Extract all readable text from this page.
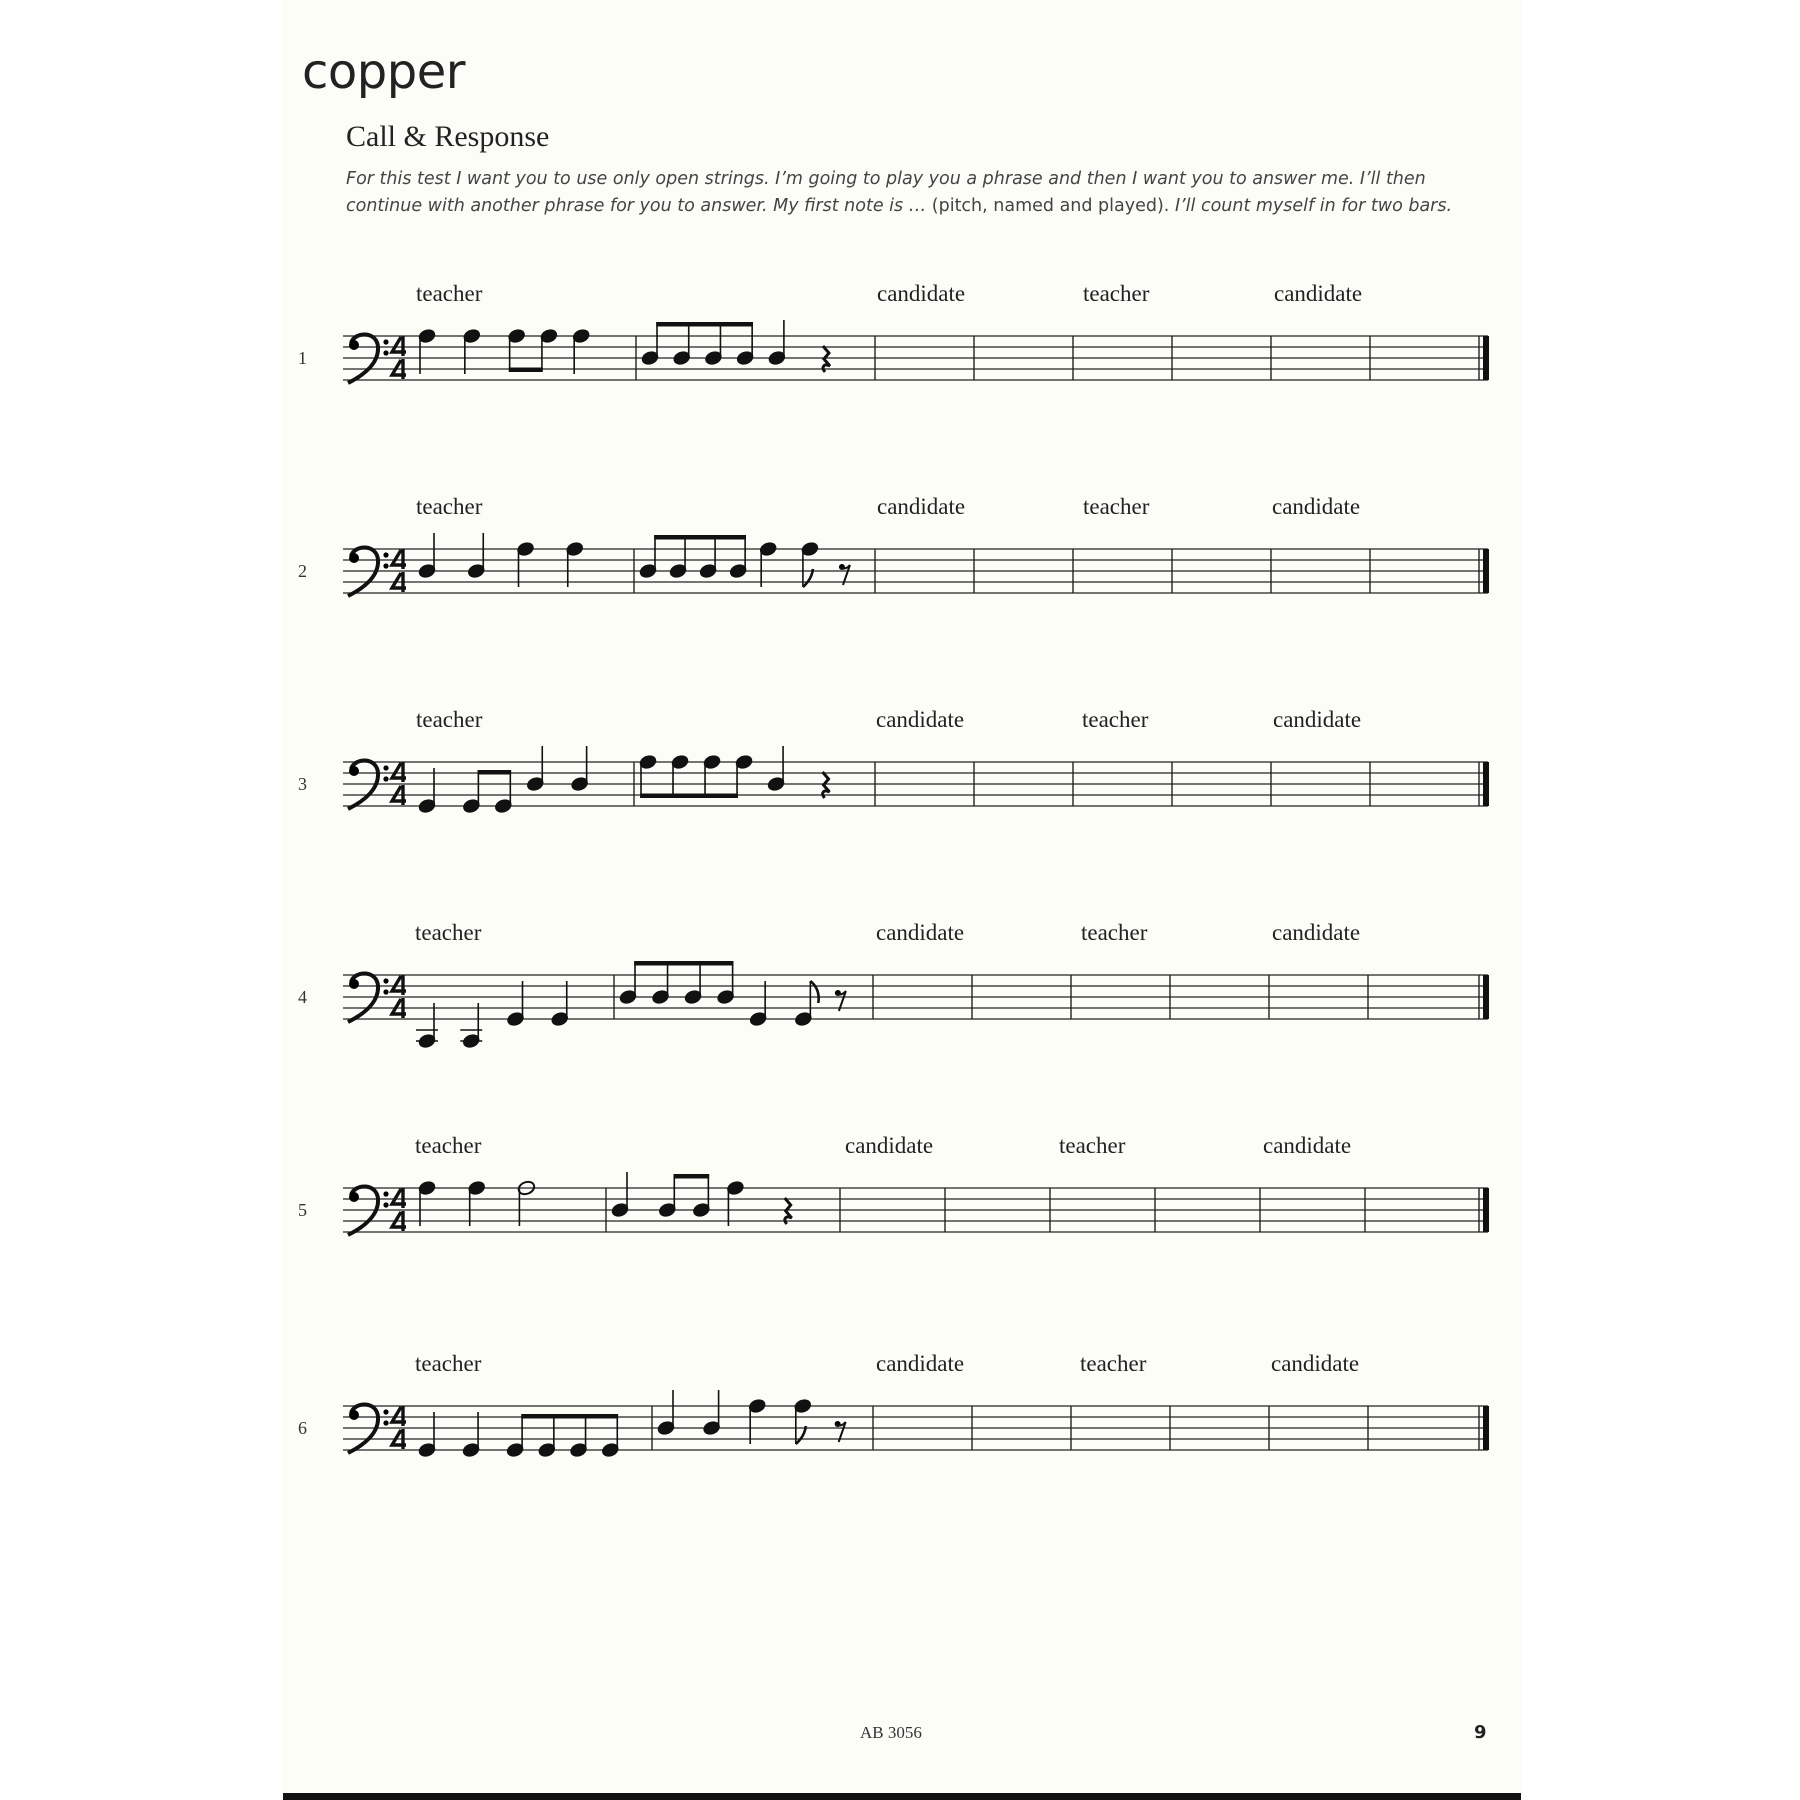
copper
Call & Response

For this test I want you to use only open strings. I’m going to play you a phrase and then I want you to answer me. I’ll then continue with another phrase for you to answer. My first note is … (pitch, named and played). I’ll count myself in for two bars.

1
teacher	candidate	teacher	candidate
2
teacher	candidate	teacher	candidate
3
teacher	candidate	teacher	candidate
4
teacher	candidate	teacher	candidate
5
teacher	candidate	teacher	candidate
6
teacher	candidate	teacher	candidate
AB 3056	9
